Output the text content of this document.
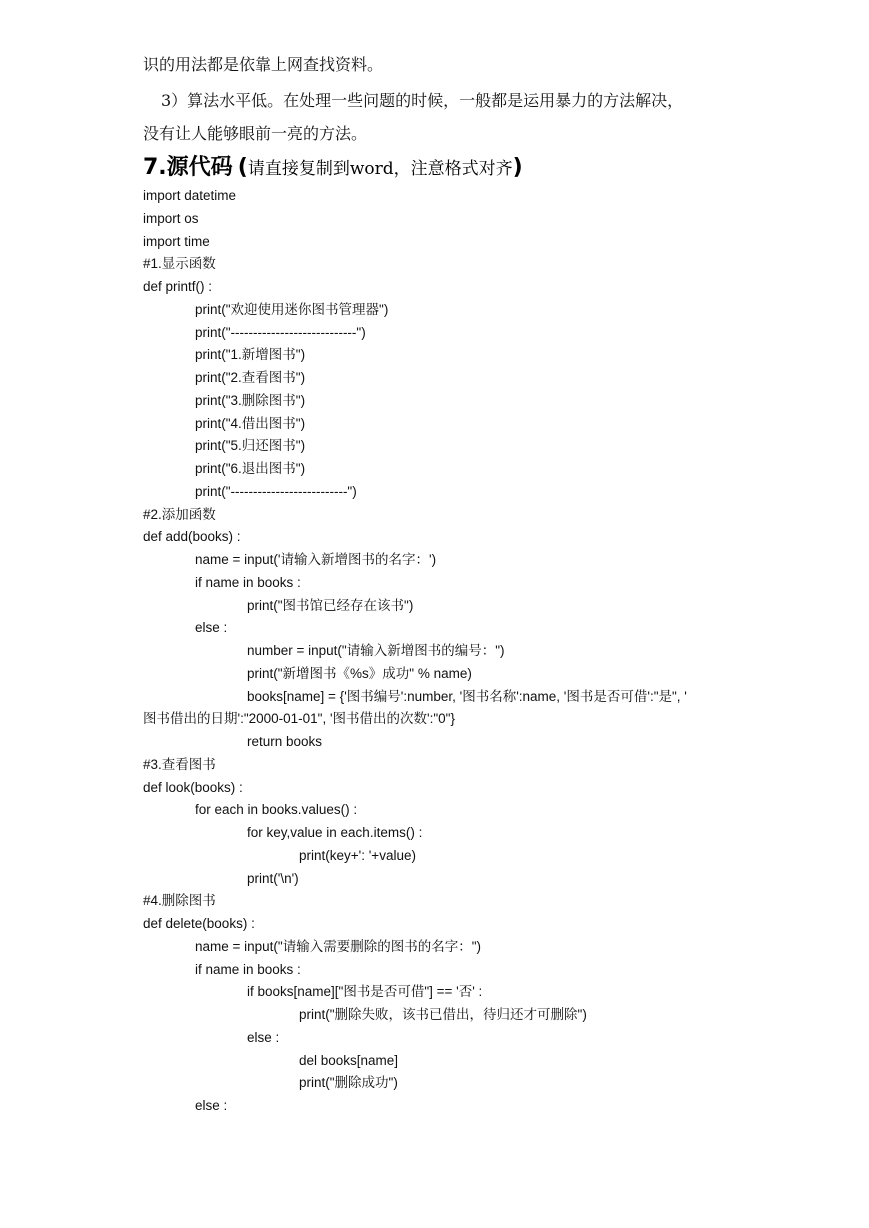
识的用法都是依靠上网查找资料。
3）算法水平低。在处理一些问题的时候，一般都是运用暴力的方法解决，
没有让人能够眼前一亮的方法。
7.源代码 (请直接复制到word，注意格式对齐)
import datetime
import os
import time
#1.显示函数
def printf() :
print("欢迎使用迷你图书管理器")
print("----------------------------")
print("1.新增图书")
print("2.查看图书")
print("3.删除图书")
print("4.借出图书")
print("5.归还图书")
print("6.退出图书")
print("--------------------------")
#2.添加函数
def add(books) :
name = input('请输入新增图书的名字：')
if name in books :
print("图书馆已经存在该书")
else :
number = input("请输入新增图书的编号：")
print("新增图书《%s》成功" % name)
books[name] = {'图书编号':number, '图书名称':name, '图书是否可借':"是", '
图书借出的日期':"2000-01-01", '图书借出的次数':"0"}
return books
#3.查看图书
def look(books) :
for each in books.values() :
for key,value in each.items() :
print(key+': '+value)
print('\n')
#4.删除图书
def delete(books) :
name = input("请输入需要删除的图书的名字：")
if name in books :
if books[name]["图书是否可借"] == '否' :
print("删除失败，该书已借出，待归还才可删除")
else :
del books[name]
print("删除成功")
else :
